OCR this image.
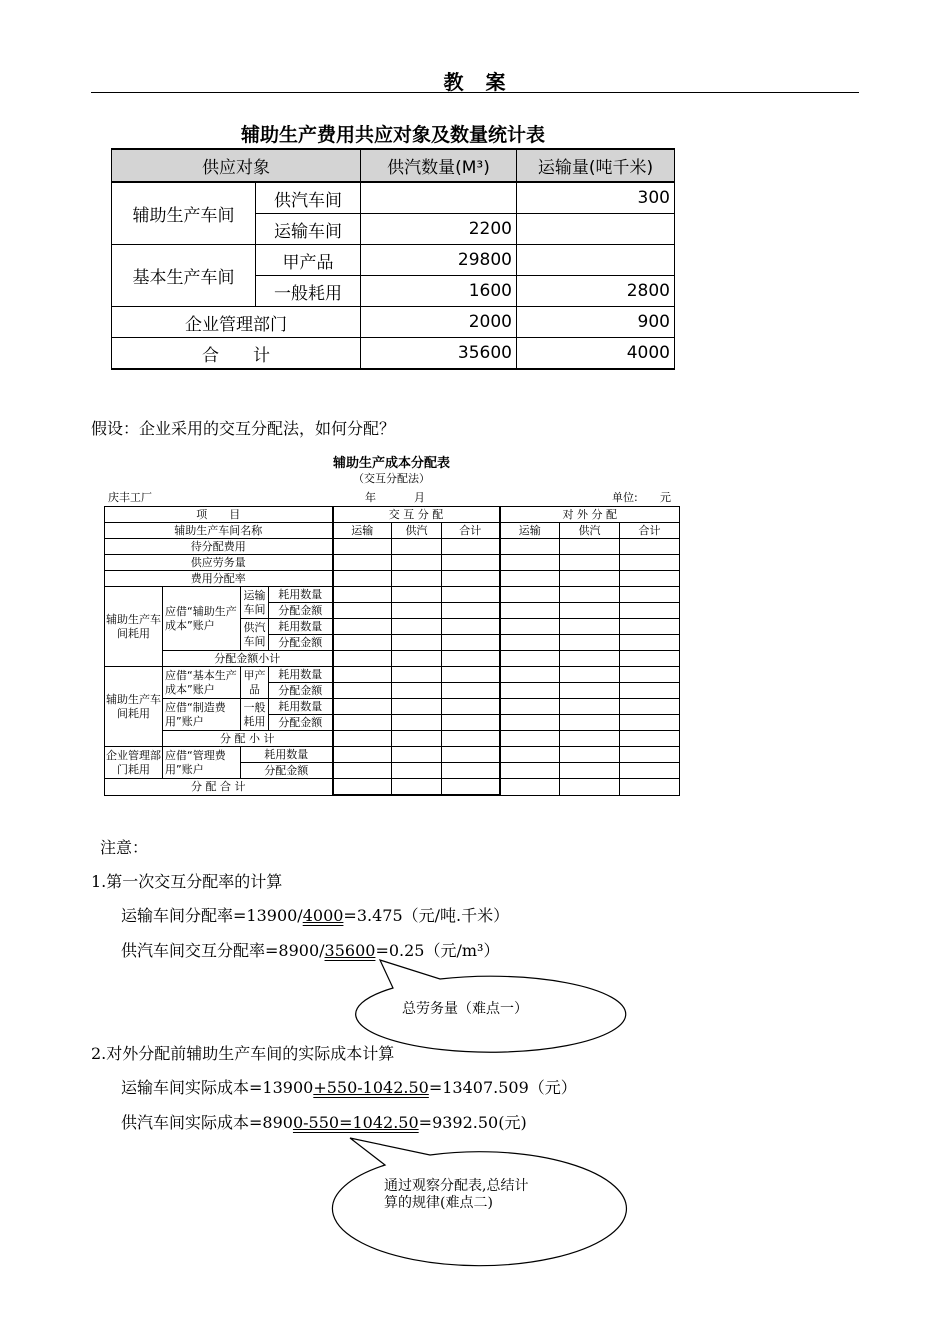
教　案
辅助生产费用共应对象及数量统计表
供应对象		供汽数量(M³)	运输量(吨千米)
辅助生产车间	供汽车间		300
	运输车间	2200	
基本生产车间	甲产品	29800	
	一般耗用	1600	2800
企业管理部门		2000	900
合　　计		35600	4000
假设：企业采用的交互分配法，如何分配？
辅助生产成本分配表
（交互分配法）
庆丰工厂	年	月	单位: 元
项　　目				交 互 分 配			对 外 分 配		
辅助生产车间名称				运输	供汽	合计	运输	供汽	合计
待分配费用									
供应劳务量									
费用分配率									
辅助生产车间耗用	应借“辅助生产成本”账户	运输车间	耗用数量						
			分配金额						
		供汽车间	耗用数量						
			分配金额						
	分配金额小计								
辅助生产车间耗用	应借“基本生产成本”账户	甲产品	耗用数量						
			分配金额						
	应借“制造费用”账户	一般耗用	耗用数量						
			分配金额						
	分 配 小 计								
企业管理部门耗用	应借“管理费用”账户	耗用数量							
		分配金额							
分 配 合 计									
注意：
1.第一次交互分配率的计算
运输车间分配率=13900/4000=3.475（元/吨.千米）
供汽车间交互分配率=8900/35600=0.25（元/m³）
2.对外分配前辅助生产车间的实际成本计算
运输车间实际成本=13900+550-1042.50=13407.509（元）
供汽车间实际成本=8900-550=1042.50=9392.50(元)
总劳务量（难点一）
通过观察分配表,总结计
算的规律(难点二)
